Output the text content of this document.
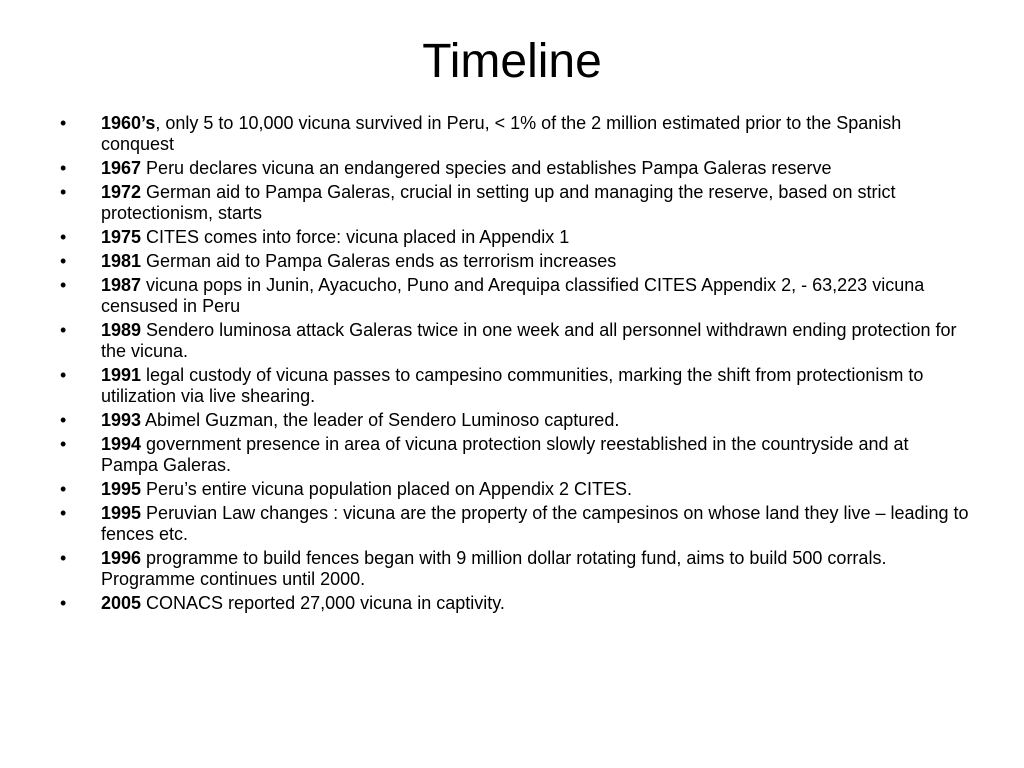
Timeline
•	1960’s, only 5 to 10,000 vicuna survived in Peru, < 1% of the 2 million estimated prior to the Spanish conquest
•	1967 Peru declares vicuna an endangered species and establishes Pampa Galeras reserve
•	1972 German aid to Pampa Galeras, crucial in setting up and managing the reserve, based on strict protectionism, starts
•	1975 CITES comes into force: vicuna placed in Appendix 1
•	1981 German aid to Pampa Galeras ends as terrorism increases
•	1987 vicuna pops in Junin, Ayacucho, Puno and Arequipa classified CITES Appendix 2, - 63,223 vicuna censused in Peru
•	1989 Sendero luminosa attack Galeras twice in one week and all personnel withdrawn ending protection for the vicuna.
•	1991 legal custody of vicuna passes to campesino communities, marking the shift from protectionism to utilization via live shearing.
•	1993 Abimel Guzman, the leader of Sendero Luminoso captured.
•	1994 government presence in area of vicuna protection slowly reestablished in the countryside and at Pampa Galeras.
•	1995 Peru’s entire vicuna population placed on Appendix 2 CITES.
•	1995 Peruvian Law changes : vicuna are the property of the campesinos on whose land they live – leading to fences etc.
•	1996 programme to build fences began with 9 million dollar rotating fund, aims to build 500 corrals. Programme continues until 2000.
•	2005 CONACS reported 27,000 vicuna in captivity.
